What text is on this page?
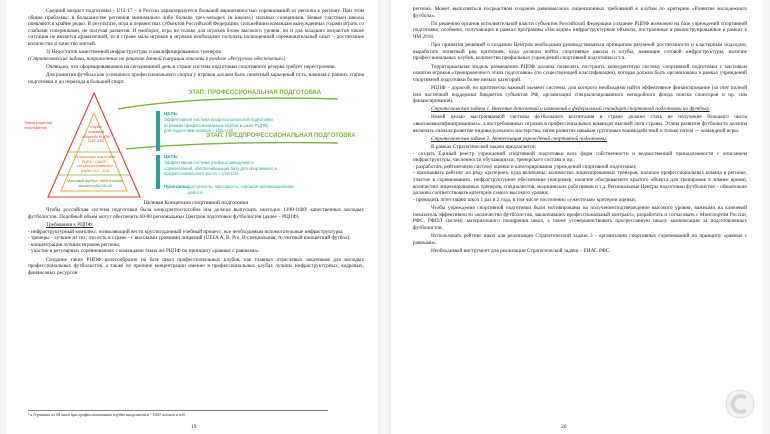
Средний возраст подготовки - U12-17 – в России характеризуется большой вариативностью соревнований от региона к региону. При этом общие проблемы: в большинстве регионов минимально либо больше трех-четырех (в школах) сильных соперников. Новые (частные) школы появляются крайне редко. В результате, игра в первенствах субъектов Российской Федерации, сильнейшим командам вынужденных годами играть со слабыми соперниками, не получая развития. И наоборот, игра не только для игроков более высокого уровня, но и для младших возрастов также ситуация не является драматичной, то в стране мало игроков и игроков необходимо получать полноценный соревновательный опыт – достаточное количество и качество матчей.

3) Недостаток качественной инфраструктуры и квалифицированных тренеров

(Стратегические задачи, направленные на решение данной ситуации описаны в разделе «Ресурсное обеспечение»)

Очевидно, что сформировавшаяся на сегодняшний день в стране система подготовки спортивного резерва требует перестроения.

Для развития футбола как успешного профессионального спорта у игроков должен быть понятный карьерный путь, начиная с ранних этапов подготовки и до перехода в большой спорт.

ЭТАП: ПРОФЕССИОНАЛЬНАЯ ПОДГОТОВКА
ЭТАП: ПРЕДПРОФЕССИОНАЛЬНАЯ ПОДГОТОВКА
ЦЕЛЬ:
Эффективная система профессиональной подготовки (в рамках профессиональных клубов и школ РЦПФ) для подготовки игроков – U15-U18
ЦЕЛЬ:
Эффективная система учебных заведений и соревнований, обеспечивающая базу для спортивного и профессионального роста – U10-U14
Принципы:
доступность, массовость, хорошая организационная работа
Клубы основной сборной/ РЦПФ U15-U18
Организация подготовки: РЦПФ / СШОР / специализированные клубы U10 – U14
Массовый футбол: любительские школы/клубы U6-U9
Этапы развития спортсменов

Целевая Концепция спортивной подготовки

Чтобы российская система подготовки была конкурентоспособна она должна выпускать ежегодно 1100-1600¹ качественных молодых футболистов. Подобный объем могут обеспечить 60-80 региональных Центров подготовки футболистов (далее – РЦПФ).

Требования к РЦПФ:

- инфраструктурный комплекс, позволяющий вести круглогодичный учебный процесс, все необходимым вспомогательные инфраструктуры;

- тренеры - лучшие из тех, что есть в стране - с высокими уровнями лицензий (UEFA A, B, Pro, В-специальная, A-элитный юношеский футбол);

- концентрация лучших игроков региона;

- участие в регулярных соревнованиях с командами таких же РЦПФ по принципу «равные с равными».

Создание таких РЦПФ целесообразно на базе школ профессиональных клубов, как главных отраслевых заказчиков для молодых профессиональных футболистов, а также по причине концентрации именно в профессиональных клубах лучших инфраструктурных, кадровых, финансовых ресурсов

¹ в Германии из 54 школ при профессиональных клубах выпускается ~1300 человек в год.
19

региона. Может выполняться посредством создания равновысоких лицензионных требований к клубам по критерию «Развитие молодежного футбола».

По решению органов исполнительной власти субъектов Российской Федерации создание РЦПФ возможно на базе учреждений спортивной подготовки, особенно, получающих в рамках программы «Наследие» инфраструктурные объекты, построенные и реконструированные в рамках к ЧМ 2018.

При принятии решений о создании Центров необходимо руководствоваться принципом разумной достаточности и кластерным подходом, выработать понятный ряд критериев, куда должны войти спортивные школы и клубы, имеющие готовой инфраструктуры, наличие профессиональных клубов, количество профильных учреждений спортивной подготовки и т.п.

Территориальная модель размещения РЦПФ должна позволять построить конкурентную систему спортивной подготовки с массовым охватом игроков «тренировочного этапа подготовки» (по существующей классификации), которая должна быть организована в рамках учреждений спортивной подготовки более низких категорий.

РЦПФ – дорогой, но критически важный элемент системы, для которого необходимо найти эффективное финансирование (за счет полной или частичной поддержки бюджетов субъектов РФ, организации специализированного неподобного фонда поиска спонсоров и пр. сим финансирования).

Стратегическая задача 1. Внесение дополнений и изменений в федеральный стандарт спортивной подготовки по футболу.

Новой целью выстраиваемой системы футбольного воспитания в стране должно стать не получение большого числа «высококвалифицированных», а востребованных игроков в профессиональных командах высшей лиги страны. Этапы развития футболиста должны включать сначала развитие индивидуального мастерства, затем развитие навыков групповых взаимодействий и только потом — командной игры.

Стратегическая задача 2. Аттестация учреждений спортивной подготовки.

В рамках Стратегической задачи предлагается:

- создать Единый реестр учреждений спортивной подготовки всех форм собственности и ведомственной принадлежности с описанием инфраструктуры, численности обучающихся, тренерского состава и пр.;

- разработать рейтинговую систему оценки и категорирования учреждений спортивной подготовки;

- присваивать рейтинг по ряду критериев, куда включены: количество лицензированных тренеров, наличие профессиональных команд в регионе, участие в соревнованиях, инфраструктурное обеспечение (например, наличие обогреваемого крытого объекта для тренировок в зимнее время), количество лицензированных тренеров, специалистов, медицинских работников и т.д. Региональные Центры подготовки футболистов – обязательно должны соответствовать категории самого высокого уровня;

- проводить аттестацию школ 1 раз в 2 года, в том числе постепенно «ужесточая» критерии оценки;

Чтобы учреждения спортивной подготовки были мотивированы на получение/подтверждение высокого уровня, важными на ключевой показатель эффективности «количество футболистов, заключивших профессиональный контракт», разработать и согласовать с Минспортом России, РФС, РФПЛ систему материального поощрения школ, а также усовершенствовать прогрессивную шкалу компенсации за подготовленных футболистов.

Использовать рейтинг школ для реализации Стратегической задачи 3 - организации спортивных соревнований по принципу «равные с равными».

Необходимый инструмент для реализации Стратегической задачи – ЕИАС РФС.

20
